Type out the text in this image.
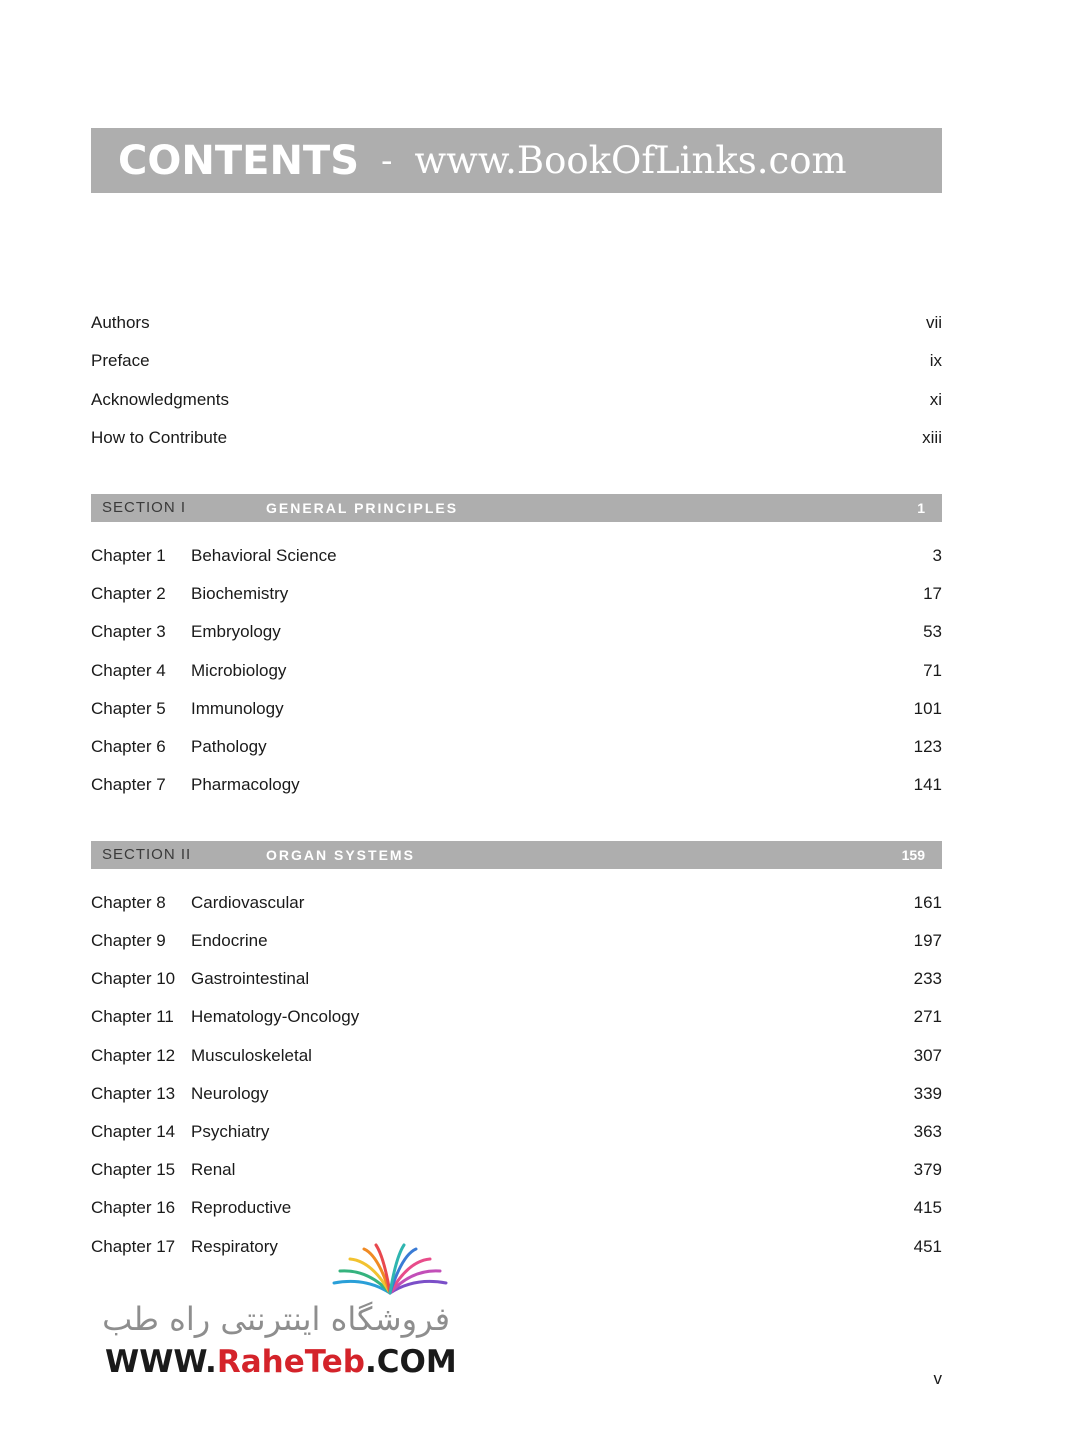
CONTENTS - www.BookOfLinks.com
Authors	vii
Preface	ix
Acknowledgments	xi
How to Contribute	xiii
SECTION I	GENERAL PRINCIPLES	1
Chapter 1 Behavioral Science	3
Chapter 2 Biochemistry	17
Chapter 3 Embryology	53
Chapter 4 Microbiology	71
Chapter 5 Immunology	101
Chapter 6 Pathology	123
Chapter 7 Pharmacology	141
SECTION II	ORGAN SYSTEMS	159
Chapter 8 Cardiovascular	161
Chapter 9 Endocrine	197
Chapter 10 Gastrointestinal	233
Chapter 11 Hematology-Oncology	271
Chapter 12 Musculoskeletal	307
Chapter 13 Neurology	339
Chapter 14 Psychiatry	363
Chapter 15 Renal	379
Chapter 16 Reproductive	415
Chapter 17 Respiratory	451
فروشگاه اینترنتی راه طب
WWW.RaheTeb.COM	v
